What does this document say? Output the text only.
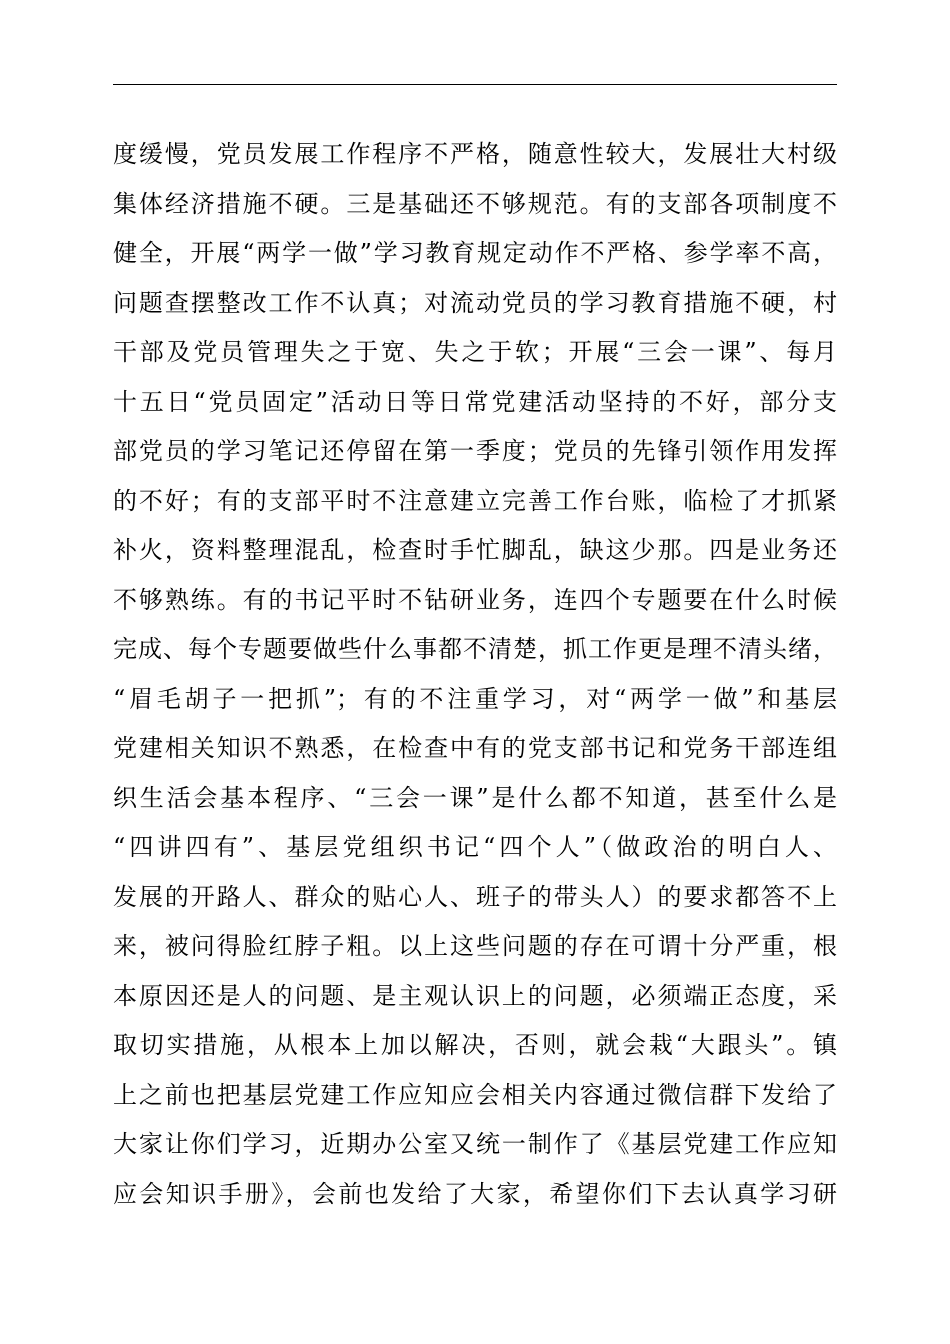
度缓慢，党员发展工作程序不严格，随意性较大，发展壮大村级
集体经济措施不硬。三是基础还不够规范。有的支部各项制度不
健全，开展“两学一做”学习教育规定动作不严格、参学率不高，
问题查摆整改工作不认真；对流动党员的学习教育措施不硬，村
干部及党员管理失之于宽、失之于软；开展“三会一课”、每月
十五日“党员固定”活动日等日常党建活动坚持的不好，部分支
部党员的学习笔记还停留在第一季度；党员的先锋引领作用发挥
的不好；有的支部平时不注意建立完善工作台账，临检了才抓紧
补火，资料整理混乱，检查时手忙脚乱，缺这少那。四是业务还
不够熟练。有的书记平时不钻研业务，连四个专题要在什么时候
完成、每个专题要做些什么事都不清楚，抓工作更是理不清头绪，
“眉毛胡子一把抓”；有的不注重学习，对“两学一做”和基层
党建相关知识不熟悉，在检查中有的党支部书记和党务干部连组
织生活会基本程序、“三会一课”是什么都不知道，甚至什么是
“四讲四有”、基层党组织书记“四个人”（做政治的明白人、
发展的开路人、群众的贴心人、班子的带头人）的要求都答不上
来，被问得脸红脖子粗。以上这些问题的存在可谓十分严重，根
本原因还是人的问题、是主观认识上的问题，必须端正态度，采
取切实措施，从根本上加以解决，否则，就会栽“大跟头”。镇
上之前也把基层党建工作应知应会相关内容通过微信群下发给了
大家让你们学习，近期办公室又统一制作了《基层党建工作应知
应会知识手册》，会前也发给了大家，希望你们下去认真学习研
